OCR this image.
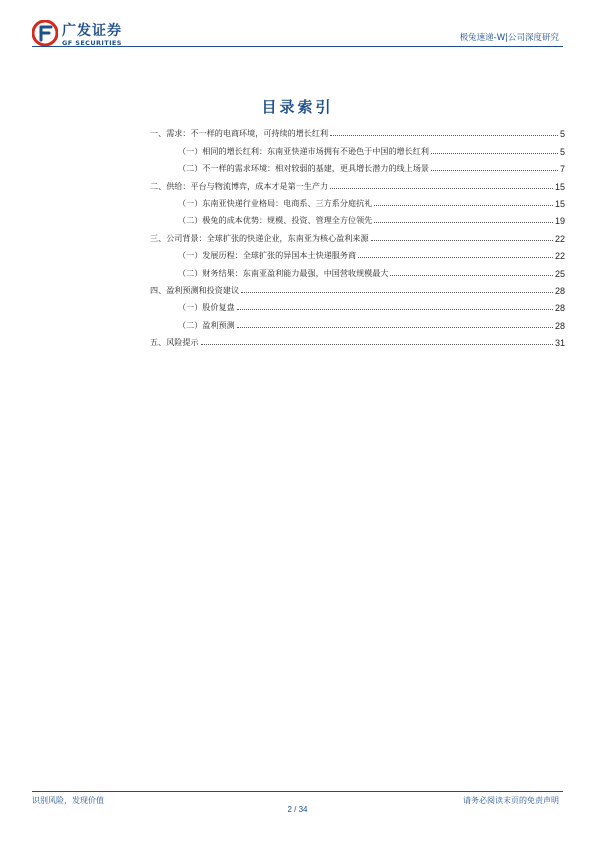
广发证券
GF SECURITIES	极兔速递-W|公司深度研究
目录索引
一、需求：不一样的电商环境，可持续的增长红利	5
（一）相同的增长红利：东南亚快递市场拥有不逊色于中国的增长红利	5
（二）不一样的需求环境：相对较弱的基建，更具增长潜力的线上场景	7
二、供给：平台与物流博弈，成本才是第一生产力	15
（一）东南亚快递行业格局：电商系、三方系分庭抗礼	15
（二）极兔的成本优势：规模、投资、管理全方位领先	19
三、公司背景：全球扩张的快递企业，东南亚为核心盈利来源	22
（一）发展历程：全球扩张的异国本土快递服务商	22
（二）财务结果：东南亚盈利能力最强，中国营收规模最大	25
四、盈利预测和投资建议	28
（一）股价复盘	28
（二）盈利预测	28
五、风险提示	31
识别风险，发现价值	请务必阅读末页的免责声明
2 / 34
